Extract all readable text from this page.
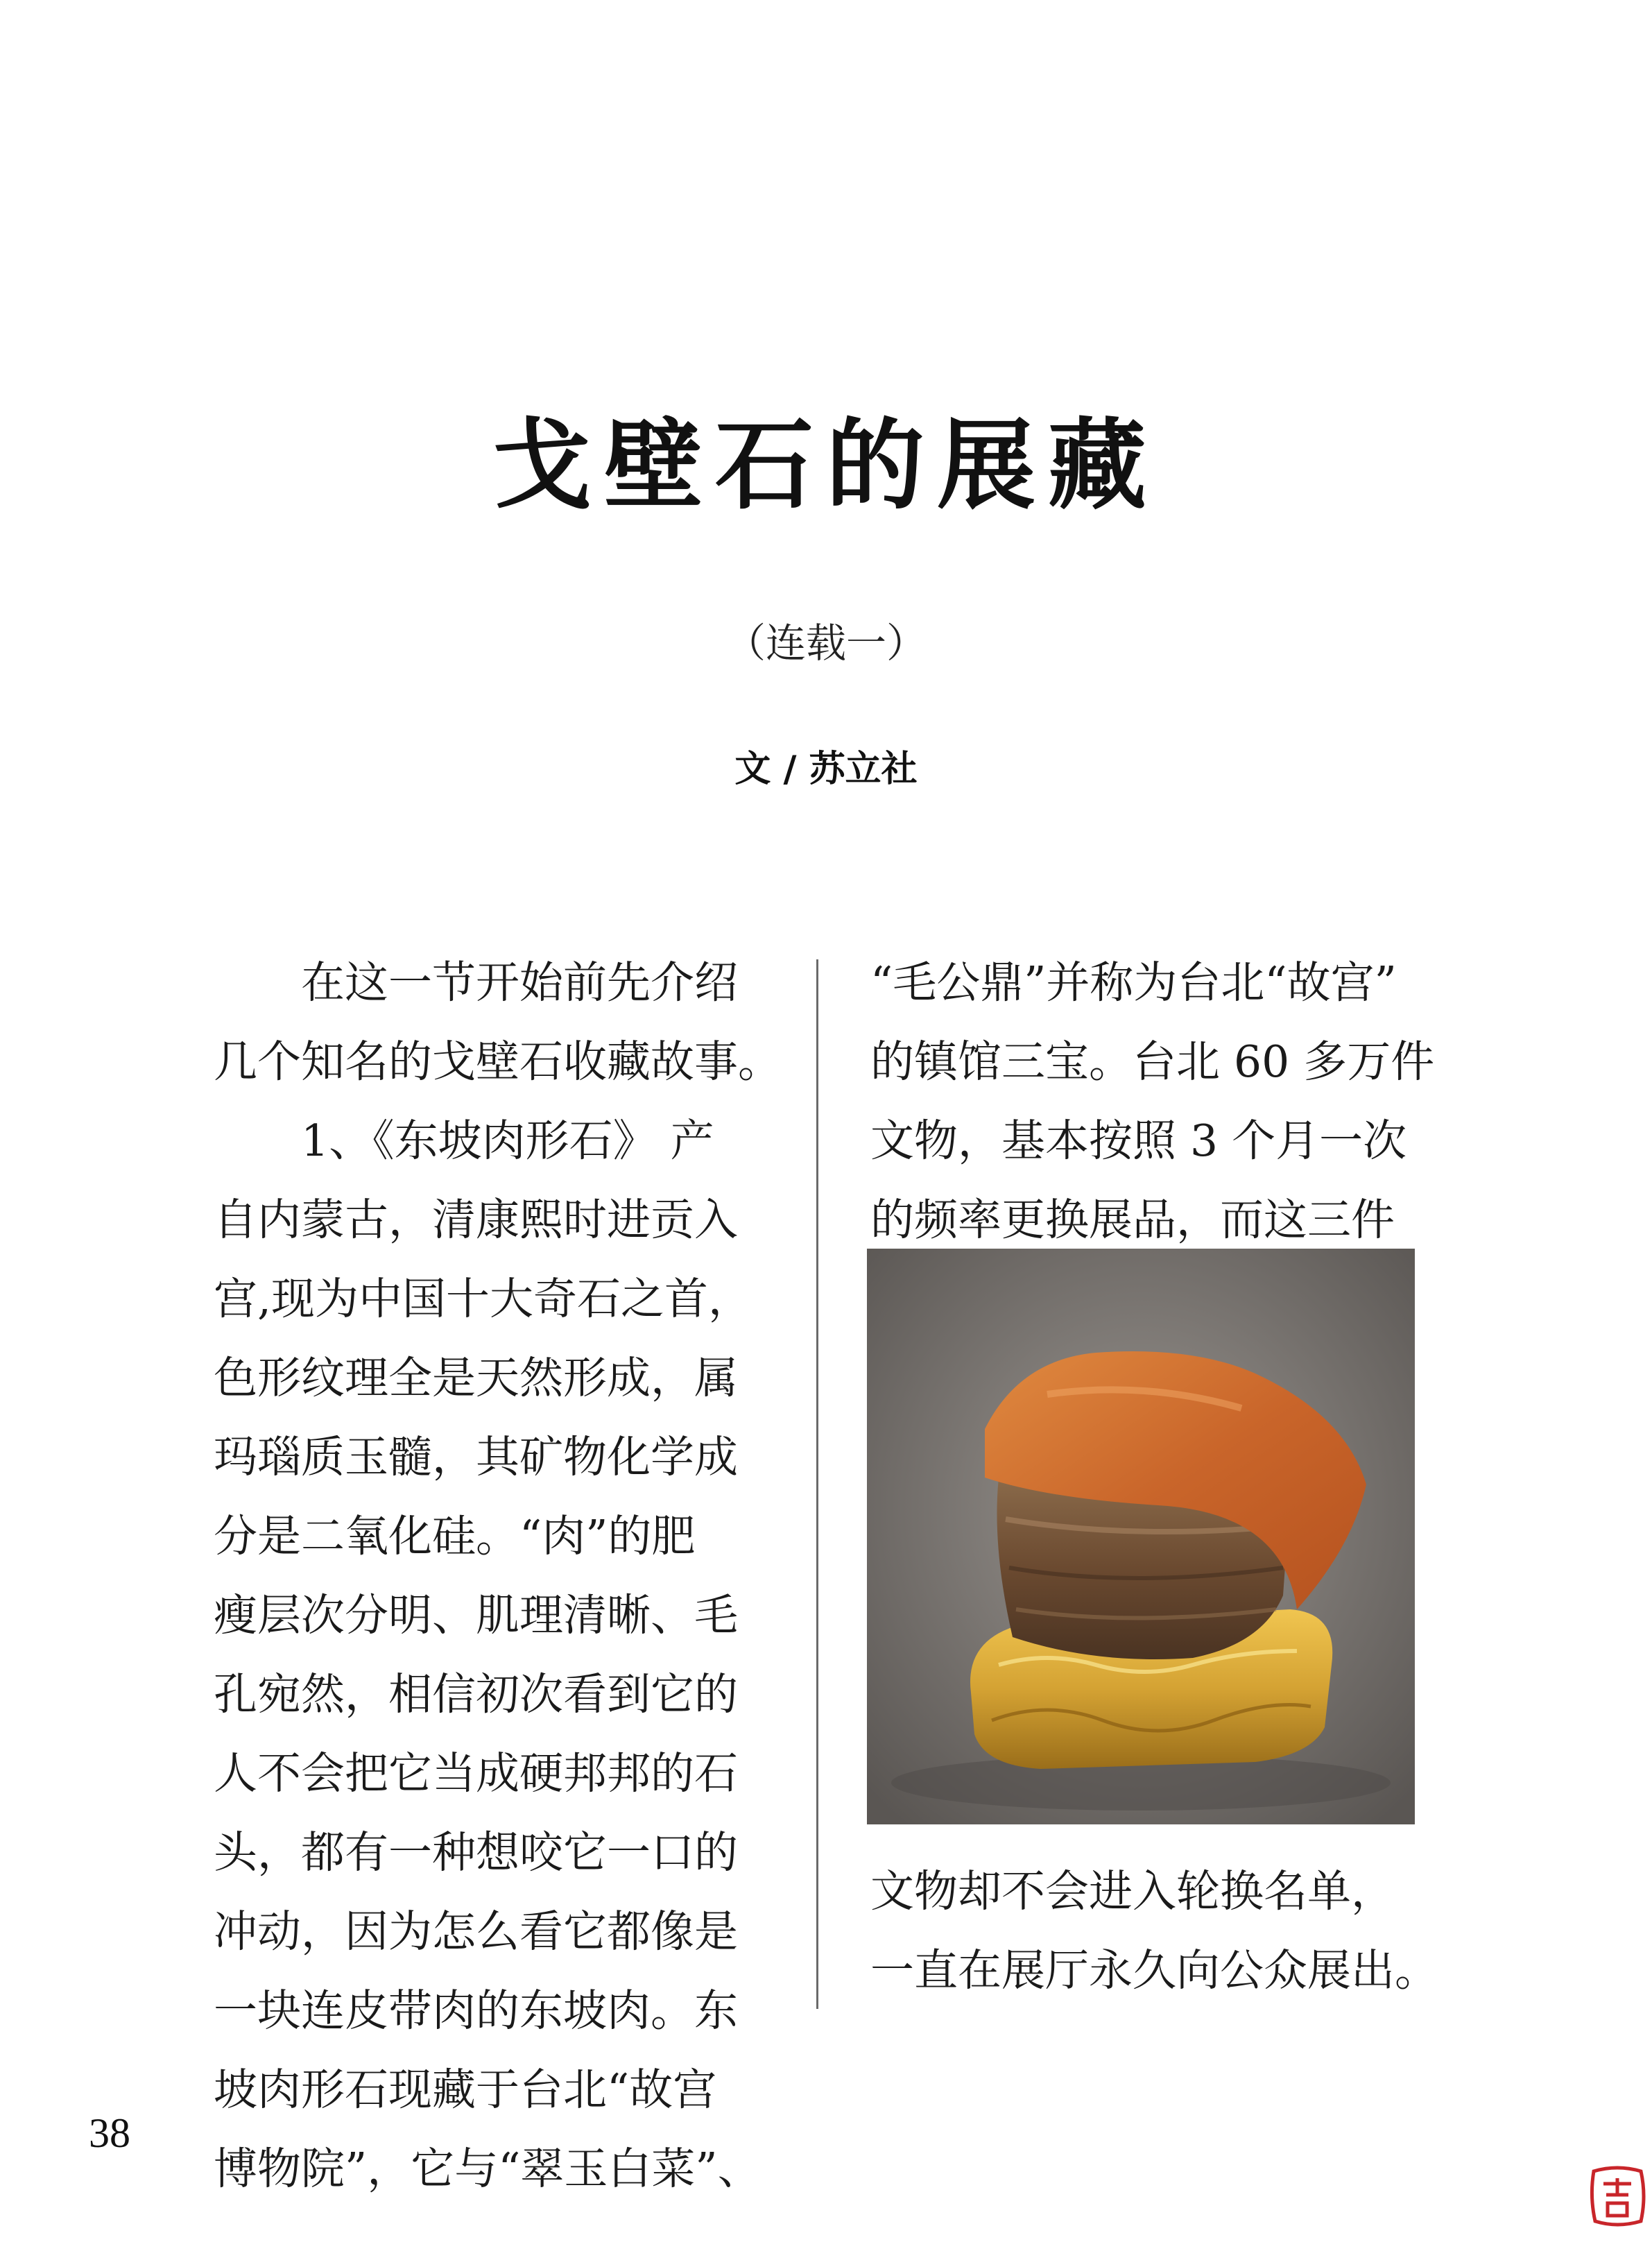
戈壁石的展藏
（连载一）
文 / 苏立社
　　在这一节开始前先介绍
几个知名的戈壁石收藏故事。
　　1、《东坡肉形石》 产
自内蒙古，清康熙时进贡入
宫,现为中国十大奇石之首，
色形纹理全是天然形成，属
玛瑙质玉髓，其矿物化学成
分是二氧化硅。“肉”的肥
瘦层次分明、肌理清晰、毛
孔宛然，相信初次看到它的
人不会把它当成硬邦邦的石
头，都有一种想咬它一口的
冲动，因为怎么看它都像是
一块连皮带肉的东坡肉。东
坡肉形石现藏于台北“故宫
博物院”，它与“翠玉白菜”、
“毛公鼎”并称为台北“故宫”
的镇馆三宝。台北 60 多万件
文物，基本按照 3 个月一次
的频率更换展品，而这三件
文物却不会进入轮换名单，
一直在展厅永久向公众展出。
38
